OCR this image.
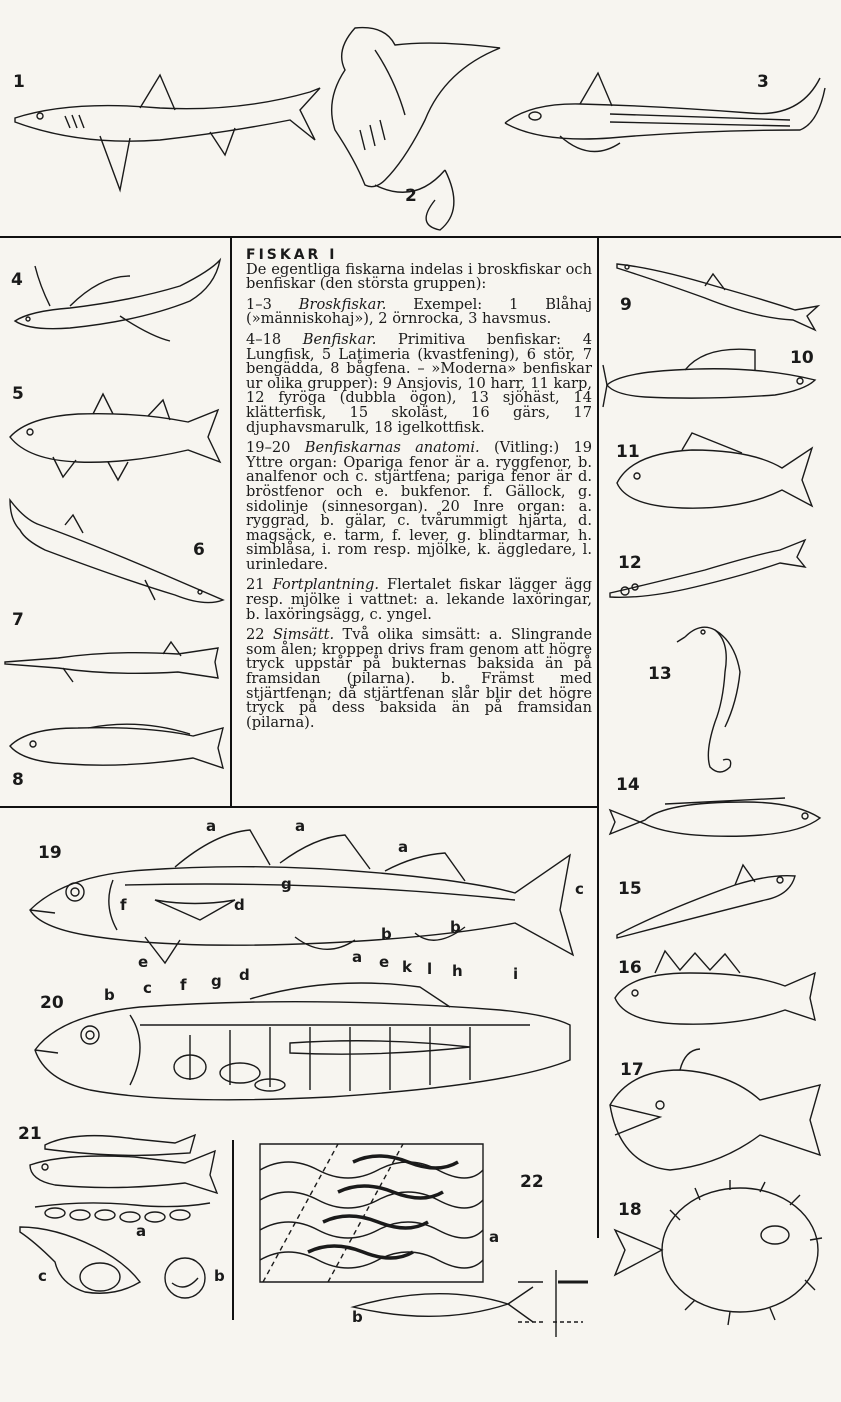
1
2
3
4
5
6
7
8
9
10
11
12
13
14
15
16
17
18
19
20
21
22

FISKAR I

De egentliga fiskarna indelas i broskfiskar och benfiskar (den största gruppen):

1–3 Broskfiskar. Exempel: 1 Blåhaj (»människohaj»), 2 örnrocka, 3 havsmus.

4–18 Benfiskar. Primitiva benfiskar: 4 Lungfisk, 5 Latimeria (kvastfening), 6 stör, 7 bengädda, 8 bågfena. – »Moderna» benfiskar ur olika grupper): 9 Ansjovis, 10 harr, 11 karp, 12 fyröga (dubbla ögon), 13 sjöhäst, 14 klätterfisk, 15 skoläst, 16 gärs, 17 djuphavsmarulk, 18 igelkottfisk.

19–20 Benfiskarnas anatomi. (Vitling:) 19 Yttre organ: Opariga fenor är a. ryggfenor, b. analfenor och c. stjärtfena; pariga fenor är d. bröstfenor och e. bukfenor. f. Gällock, g. sidolinje (sinnesorgan). 20 Inre organ: a. ryggrad, b. gälar, c. tvårummigt hjärta, d. magsäck, e. tarm, f. lever, g. blindtarmar, h. simblåsa, i. rom resp. mjölke, k. äggledare, l. urinledare.

21 Fortplantning. Flertalet fiskar lägger ägg resp. mjölke i vattnet: a. lekande laxöringar, b. laxöringsägg, c. yngel.

22 Simsätt. Två olika simsätt: a. Slingrande som ålen; kroppen drivs fram genom att högre tryck uppstår på bukternas baksida än på framsidan (pilarna). b. Främst med stjärtfenan; då stjärtfenan slår blir det högre tryck på dess baksida än på framsidan (pilarna).

a	a
a
b	b
c
d
e
f
g
a
b c
d
e
f g
h	i
k l
a
b
c
a
b
